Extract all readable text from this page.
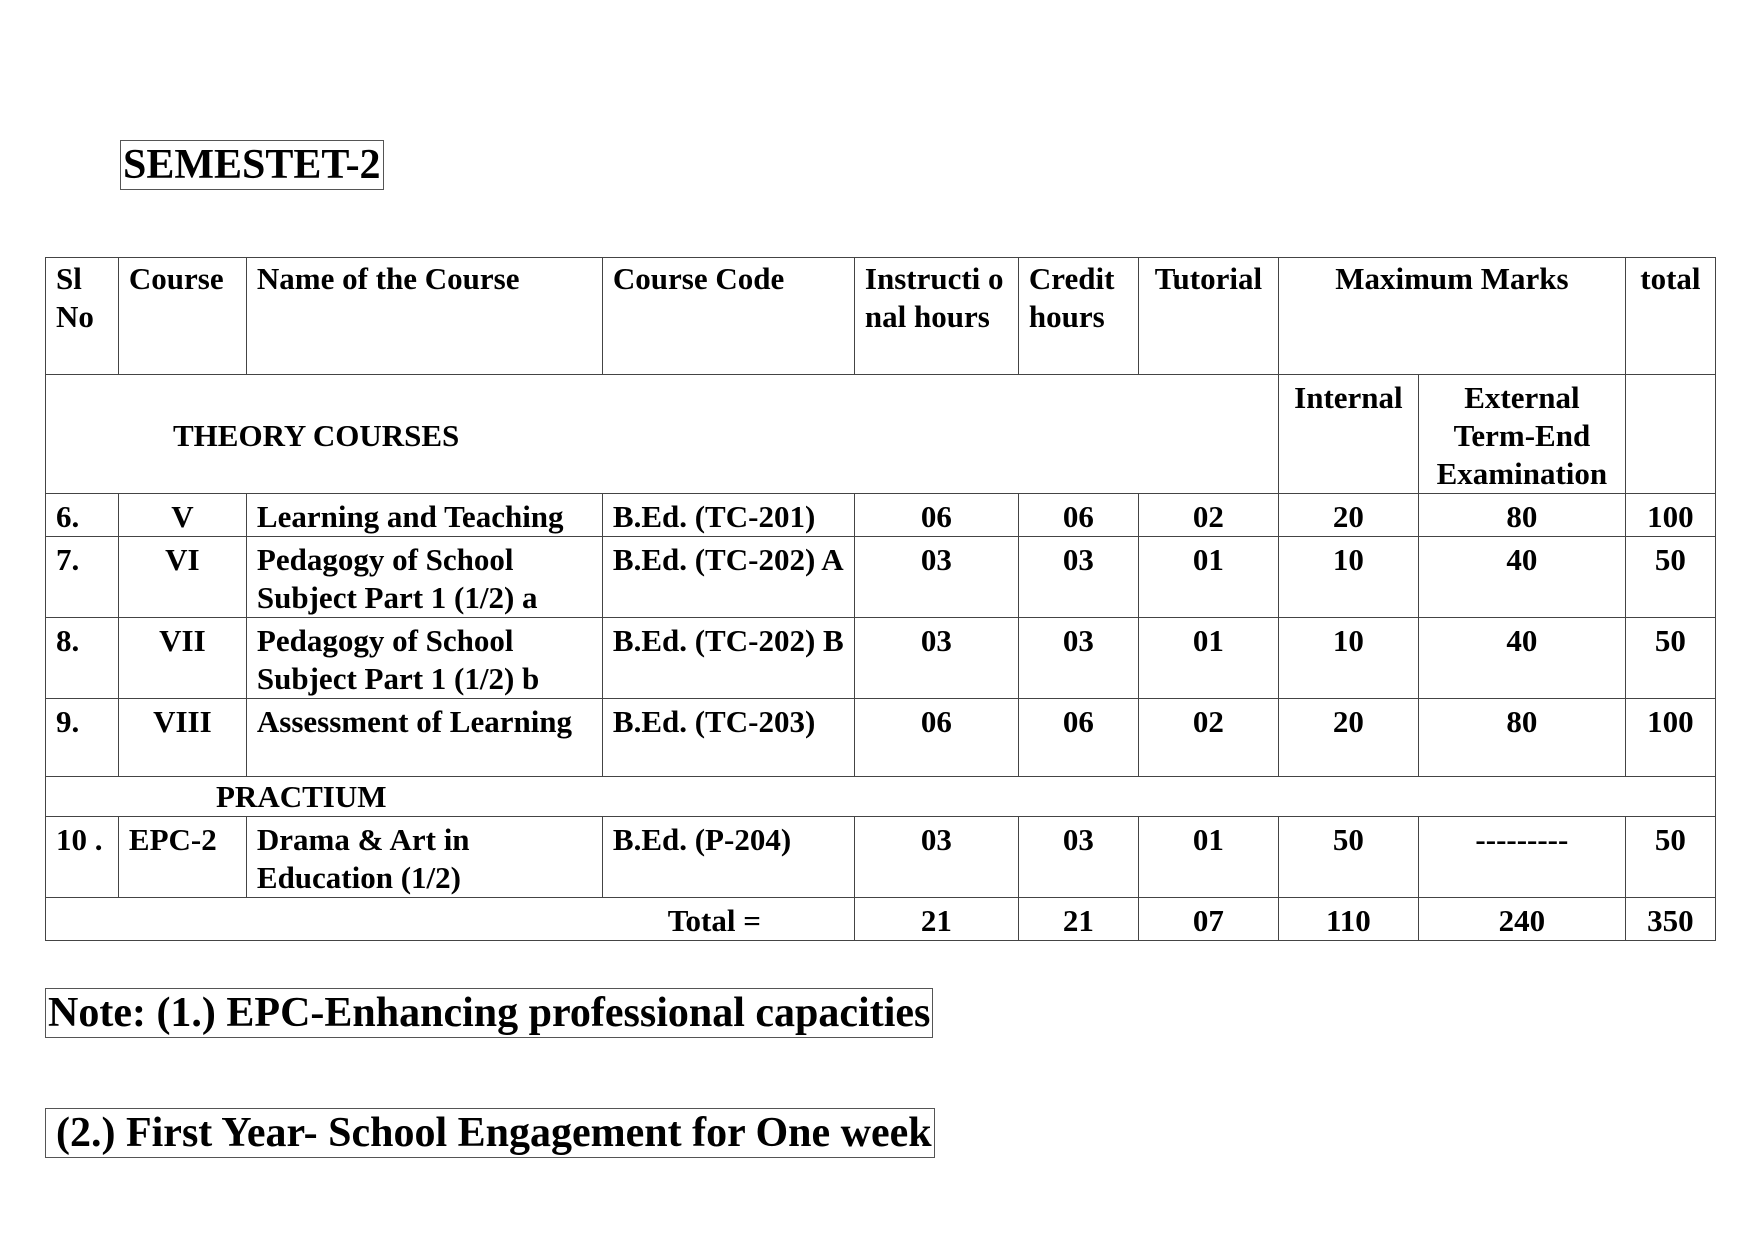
SEMESTET-2
Sl No	Course	Name of the Course	Course Code	Instructi onal hours	Credit hours	Tutorial	Maximum Marks		total
THEORY COURSES							Internal	External Term-End Examination	
6.	V	Learning and Teaching	B.Ed. (TC-201)	06	06	02	20	80	100
7.	VI	Pedagogy of School Subject Part 1 (1/2) a	B.Ed. (TC-202) A	03	03	01	10	40	50
8.	VII	Pedagogy of School Subject Part 1 (1/2) b	B.Ed. (TC-202) B	03	03	01	10	40	50
9.	VIII	Assessment of Learning	B.Ed. (TC-203)	06	06	02	20	80	100
PRACTIUM									
10 .	EPC-2	Drama & Art in Education (1/2)	B.Ed. (P-204)	03	03	01	50	---------	50
Total =				21	21	07	110	240	350
Note: (1.) EPC-Enhancing professional capacities
(2.) First Year- School Engagement for One week
